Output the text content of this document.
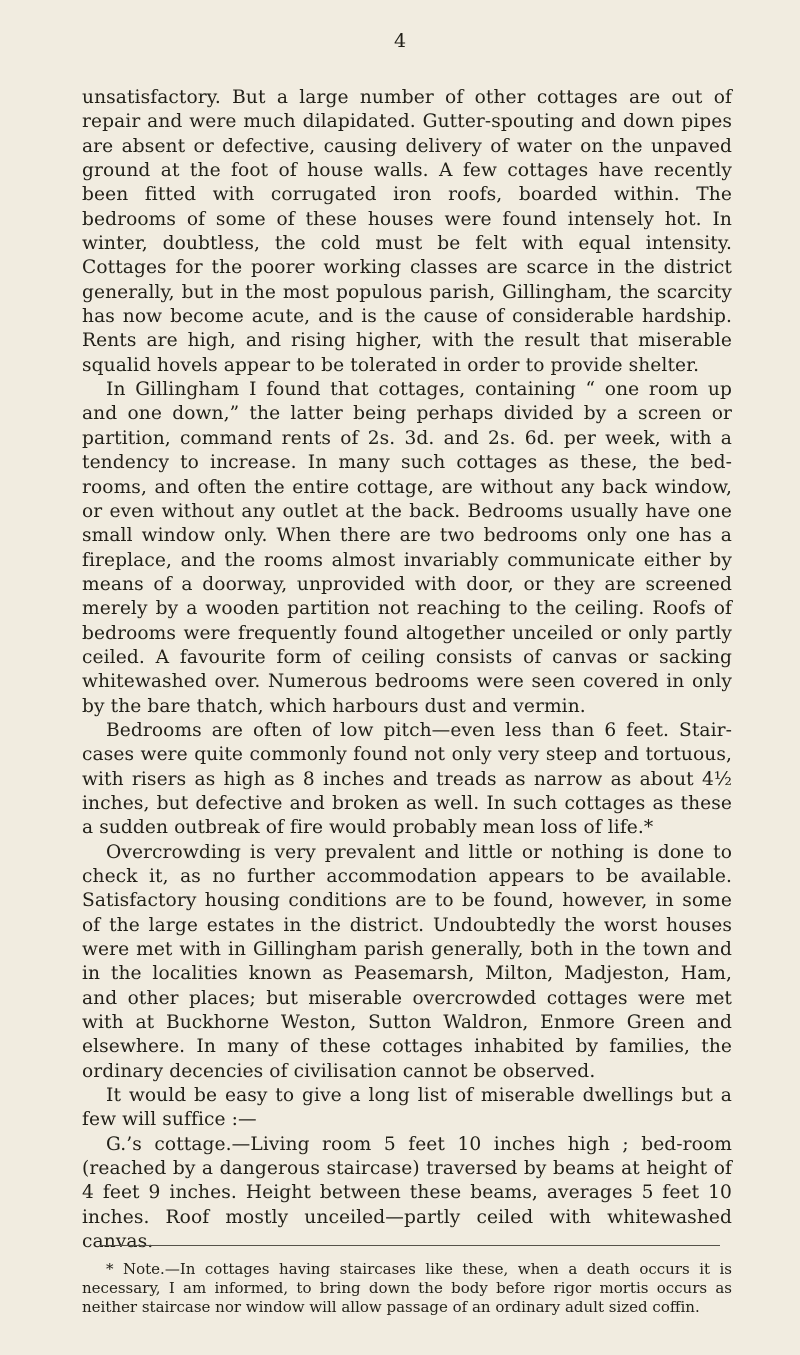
4

unsatisfactory. But a large number of other cottages are out of repair and were much dilapidated. Gutter-spouting and down pipes are absent or defective, causing delivery of water on the unpaved ground at the foot of house walls. A few cottages have recently been fitted with corrugated iron roofs, boarded within. The bedrooms of some of these houses were found intensely hot. In winter, doubtless, the cold must be felt with equal intensity. Cottages for the poorer working classes are scarce in the district generally, but in the most populous parish, Gillingham, the scarcity has now become acute, and is the cause of considerable hardship. Rents are high, and rising higher, with the result that miserable squalid hovels appear to be tolerated in order to provide shelter.

In Gillingham I found that cottages, containing “ one room up and one down,” the latter being perhaps divided by a screen or partition, command rents of 2s. 3d. and 2s. 6d. per week, with a tendency to increase. In many such cottages as these, the bed-rooms, and often the entire cottage, are without any back window, or even without any outlet at the back. Bedrooms usually have one small window only. When there are two bedrooms only one has a fireplace, and the rooms almost invariably communicate either by means of a doorway, unprovided with door, or they are screened merely by a wooden partition not reaching to the ceiling. Roofs of bedrooms were frequently found altogether unceiled or only partly ceiled. A favourite form of ceiling consists of canvas or sacking whitewashed over. Numerous bedrooms were seen covered in only by the bare thatch, which harbours dust and vermin.

Bedrooms are often of low pitch—even less than 6 feet. Stair-cases were quite commonly found not only very steep and tortuous, with risers as high as 8 inches and treads as narrow as about 4½ inches, but defective and broken as well. In such cottages as these a sudden outbreak of fire would probably mean loss of life.*

Overcrowding is very prevalent and little or nothing is done to check it, as no further accommodation appears to be available. Satisfactory housing conditions are to be found, however, in some of the large estates in the district. Undoubtedly the worst houses were met with in Gillingham parish generally, both in the town and in the localities known as Peasemarsh, Milton, Madjeston, Ham, and other places; but miserable overcrowded cottages were met with at Buckhorne Weston, Sutton Waldron, Enmore Green and elsewhere. In many of these cottages inhabited by families, the ordinary decencies of civilisation cannot be observed.

It would be easy to give a long list of miserable dwellings but a few will suffice :—

G.’s cottage.—Living room 5 feet 10 inches high ; bed-room (reached by a dangerous staircase) traversed by beams at height of 4 feet 9 inches. Height between these beams, averages 5 feet 10 inches. Roof mostly unceiled—partly ceiled with whitewashed canvas.

* Note.—In cottages having staircases like these, when a death occurs it is necessary, I am informed, to bring down the body before rigor mortis occurs as neither staircase nor window will allow passage of an ordinary adult sized coffin.
